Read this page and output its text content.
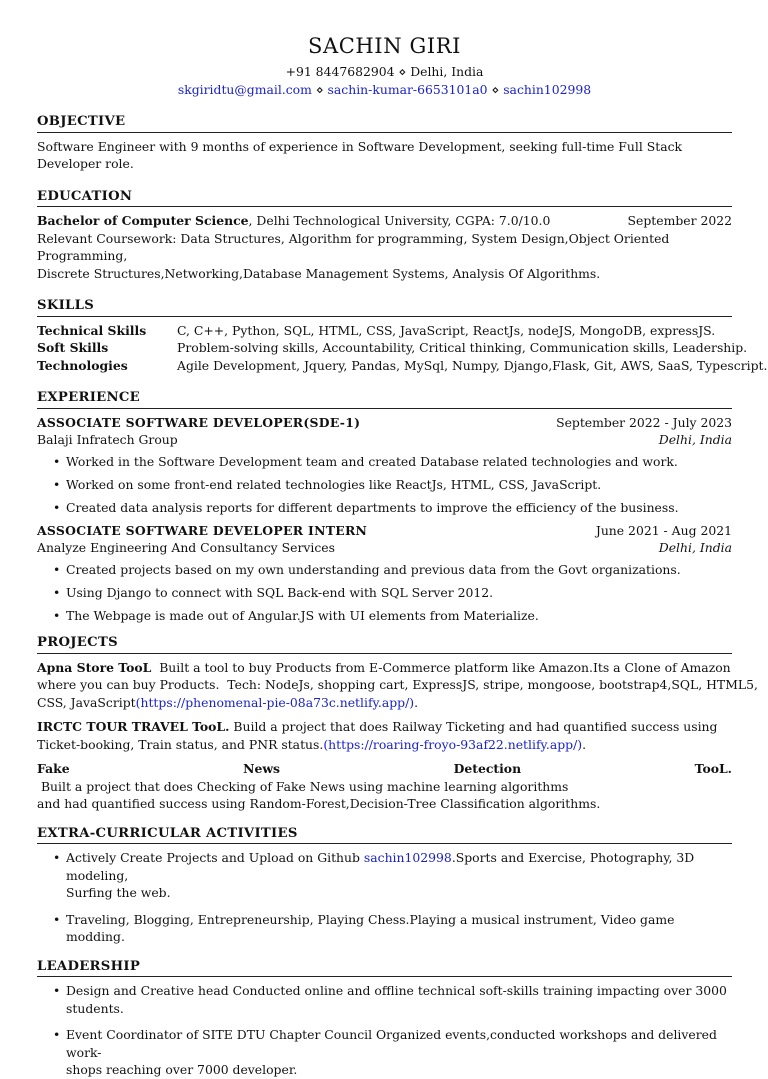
SACHIN GIRI
+91 8447682904 ⋄ Delhi, India
skgiridtu@gmail.com ⋄ sachin-kumar-6653101a0 ⋄ sachin102998
OBJECTIVE
Software Engineer with 9 months of experience in Software Development, seeking full-time Full Stack Developer role.
EDUCATION
Bachelor of Computer Science, Delhi Technological University, CGPA: 7.0/10.0	September 2022
Relevant Coursework: Data Structures, Algorithm for programming, System Design,Object Oriented Programming,
Discrete Structures,Networking,Database Management Systems, Analysis Of Algorithms.
SKILLS
Technical Skills	C, C++, Python, SQL, HTML, CSS, JavaScript, ReactJs, nodeJS, MongoDB, expressJS.
Soft Skills	Problem-solving skills, Accountability, Critical thinking, Communication skills, Leadership.
Technologies	Agile Development, Jquery, Pandas, MySql, Numpy, Django,Flask, Git, AWS, SaaS, Typescript.
EXPERIENCE
ASSOCIATE SOFTWARE DEVELOPER(SDE-1)	September 2022 - July 2023
Balaji Infratech Group	Delhi, India
• Worked in the Software Development team and created Database related technologies and work.
• Worked on some front-end related technologies like ReactJs, HTML, CSS, JavaScript.
• Created data analysis reports for different departments to improve the efficiency of the business.
ASSOCIATE SOFTWARE DEVELOPER INTERN	June 2021 - Aug 2021
Analyze Engineering And Consultancy Services	Delhi, India
• Created projects based on my own understanding and previous data from the Govt organizations.
• Using Django to connect with SQL Back-end with SQL Server 2012.
• The Webpage is made out of Angular.JS with UI elements from Materialize.
PROJECTS
Apna Store TooL  Built a tool to buy Products from E-Commerce platform like Amazon.Its a Clone of Amazon
where you can buy Products.  Tech: NodeJs, shopping cart, ExpressJS, stripe, mongoose, bootstrap4,SQL, HTML5,
CSS, JavaScript(https://phenomenal-pie-08a73c.netlify.app/).
IRCTC TOUR TRAVEL TooL. Build a project that does Railway Ticketing and had quantified success using
Ticket-booking, Train status, and PNR status.(https://roaring-froyo-93af22.netlify.app/).
Fake News Detection TooL. Built a project that does Checking of Fake News using machine learning algorithms
and had quantified success using Random-Forest,Decision-Tree Classification algorithms.
EXTRA-CURRICULAR ACTIVITIES
• Actively Create Projects and Upload on Github sachin102998.Sports and Exercise, Photography, 3D modeling,
Surfing the web.
• Traveling, Blogging, Entrepreneurship, Playing Chess.Playing a musical instrument, Video game modding.
LEADERSHIP
• Design and Creative head Conducted online and offline technical soft-skills training impacting over 3000 students.
• Event Coordinator of SITE DTU Chapter Council Organized events,conducted workshops and delivered work-
shops reaching over 7000 developer.
